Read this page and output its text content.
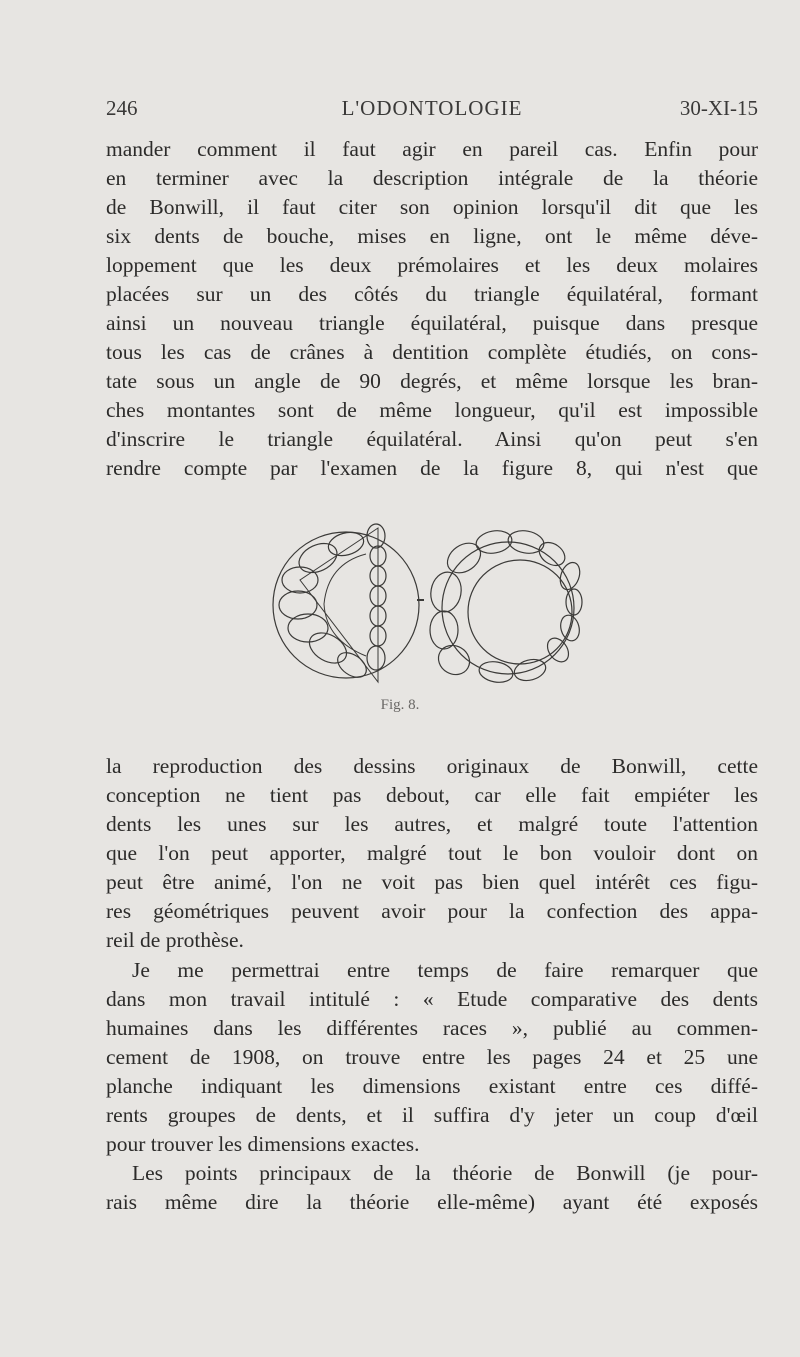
246	L'ODONTOLOGIE	30-XI-15
mander comment il faut agir en pareil cas. Enfin pour
en terminer avec la description intégrale de la théorie
de Bonwill, il faut citer son opinion lorsqu'il dit que les
six dents de bouche, mises en ligne, ont le même déve-
loppement que les deux prémolaires et les deux molaires
placées sur un des côtés du triangle équilatéral, formant
ainsi un nouveau triangle équilatéral, puisque dans presque
tous les cas de crânes à dentition complète étudiés, on cons-
tate sous un angle de 90 degrés, et même lorsque les bran-
ches montantes sont de même longueur, qu'il est impossible
d'inscrire le triangle équilatéral. Ainsi qu'on peut s'en
rendre compte par l'examen de la figure 8, qui n'est que
Fig. 8.
la reproduction des dessins originaux de Bonwill, cette
conception ne tient pas debout, car elle fait empiéter les
dents les unes sur les autres, et malgré toute l'attention
que l'on peut apporter, malgré tout le bon vouloir dont on
peut être animé, l'on ne voit pas bien quel intérêt ces figu-
res géométriques peuvent avoir pour la confection des appa-
reil de prothèse.
Je me permettrai entre temps de faire remarquer que
dans mon travail intitulé : « Etude comparative des dents
humaines dans les différentes races », publié au commen-
cement de 1908, on trouve entre les pages 24 et 25 une
planche indiquant les dimensions existant entre ces diffé-
rents groupes de dents, et il suffira d'y jeter un coup d'œil
pour trouver les dimensions exactes.
Les points principaux de la théorie de Bonwill (je pour-
rais même dire la théorie elle-même) ayant été exposés
